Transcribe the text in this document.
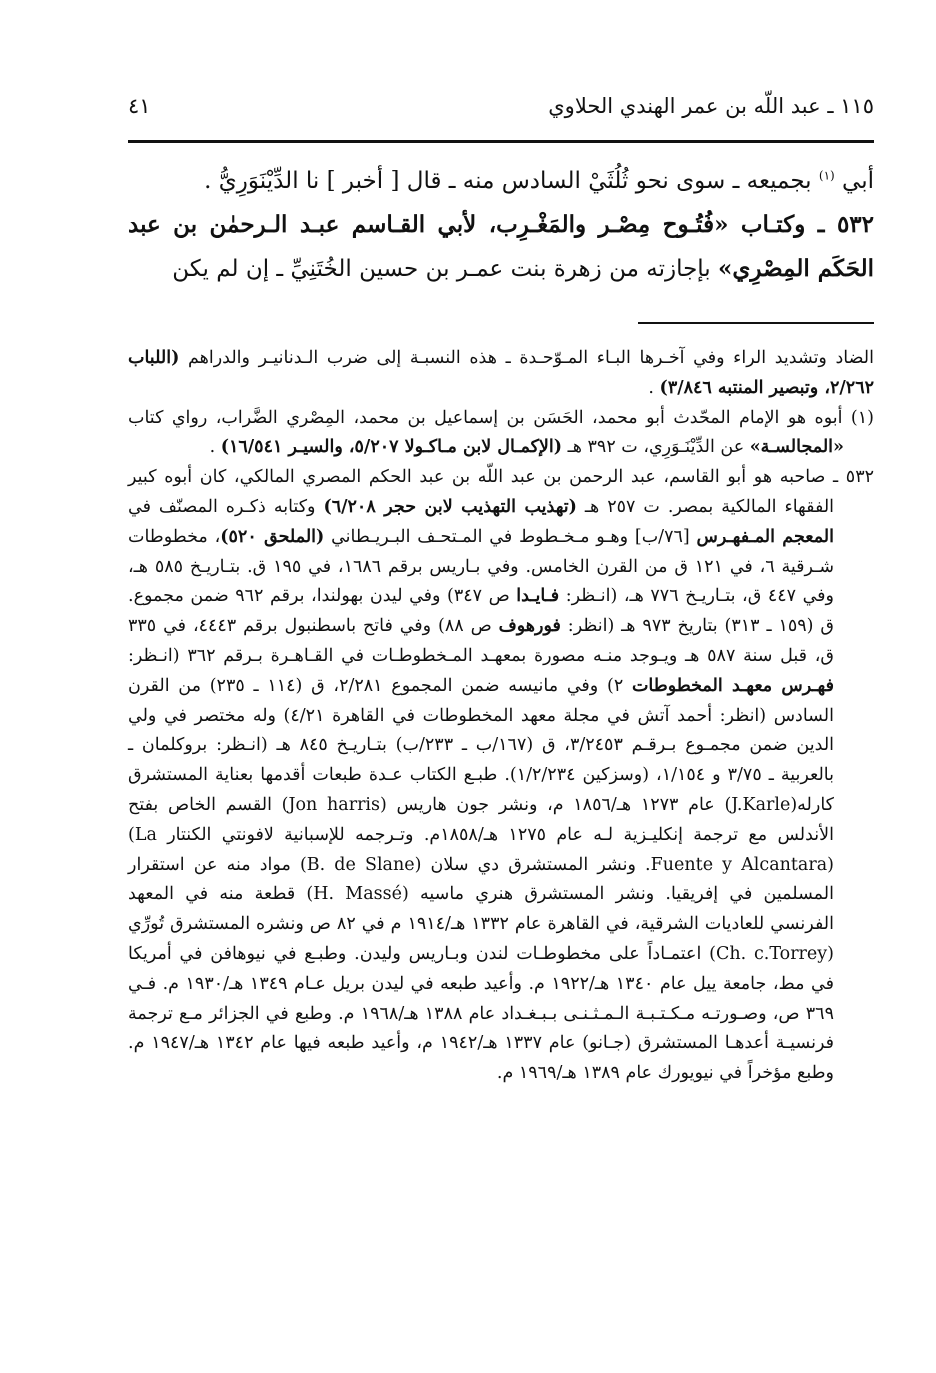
٤١	١١٥ ـ عبد اللّه بن عمر الهندي الحلاوي

أبي $^{(١)}$ بجميعه ـ سوى نحو ثُلُثَيْ السادس منه ـ قال [ أخبر ] نا الدِّيْنَوَرِيُّ .

٥٣٢ ـ وكتـاب «فُتُـوح مِصْـر والمَغْـرِب، لأبي القـاسم عبـد الـرحمٰن بن عبد الحَكَم المِصْرِي» بإجازته من زهرة بنت عمـر بن حسين الخُتَنِيِّ ـ إن لم يكن

الضاد وتشديد الراء وفي آخـرها البـاء المـوّحـدة ـ هذه النسبـة إلى ضرب الـدنانيـر والدراهم (اللباب ٢/٢٦٢، وتبصير المنتبه ٣/٨٤٦) .

(١) أبوه هو الإمام المحّدث أبو محمد، الحَسَن بن إسماعيل بن محمد، المِصْري الضَّراب، رواي كتاب «المجالسـة» عن الدِّيْنَـوَرِي، ت ٣٩٢ هـ (الإكمـال لابن مـاكـولا ٥/٢٠٧، والسيـر ١٦/٥٤١) .

٥٣٢ ـ صاحبه هو أبو القاسم، عبد الرحمن بن عبد اللّه بن عبد الحكم المصري المالكي، كان أبوه كبير الفقهاء المالكية بمصر. ت ٢٥٧ هـ (تهذيب التهذيب لابن حجر ٦/٢٠٨) وكتابه ذكـره المصنّف في المعجم المـفهـرس [٧٦/ب] وهـو مـخـطوط في المـتحـف البـريـطاني (الملحق ٥٢٠)، مخطوطات شـرقية ٦، في ١٢١ ق من القرن الخامس. وفي بـاريس برقم ١٦٨٦، في ١٩٥ ق. بتـاريـخ ٥٨٥ هـ، وفي ٤٤٧ ق، بتـاريـخ ٧٧٦ هـ، (انـظر: فـايـدا ص ٣٤٧) وفي ليدن بهولندا، برقم ٩٦٢ ضمن مجموع. ق (١٥٩ ـ ٣١٣) بتاريخ ٩٧٣ هـ (انظر: فورهوف ص ٨٨) وفي فاتح باسطنبول برقم ٤٤٤٣، في ٣٣٥ ق، قبل سنة ٥٨٧ هـ ويـوجد منـه مصورة بمعهـد المـخطوطـات في القـاهـرة بـرقم ٣٦٢ (انـظر: فهـرس معهـد المخطوطات ٢) وفي مانيسه ضمن المجموع ٢/٢٨١، ق (١١٤ ـ ٢٣٥) من القرن السادس (انظر: أحمد آتش في مجلة معهد المخطوطات في القاهرة ٤/٢١) وله مختصر في ولي الدين ضمن مجمـوع بـرقـم ٣/٢٤٥٣، ق (١٦٧/ب ـ ٢٣٣/ب) بتـاريـخ ٨٤٥ هـ (انـظر: بروكلمان ـ بالعربية ـ ٣/٧٥ و ١/١٥٤، (وسزكين ١/٢/٢٣٤). طبـع الكتاب عـدة طبعات أقدمها بعناية المستشرق كارله(J.Karle) عام ١٢٧٣ هـ/١٨٥٦ م، ونشر جون هاريس (Jon harris) القسم الخاص بفتح الأندلس مع ترجمة إنكليـزية لـه عام ١٢٧٥ هـ/١٨٥٨م. وتـرجمه للإسبانية لافونتي الكنتار (La Fuente y Alcantara). ونشر المستشرق دي سلان (B. de Slane) مواد منه عن استقرار المسلمين في إفريقيا. ونشر المستشرق هنري ماسيه (H. Massé) قطعة منه في المعهد الفرنسي للعاديات الشرقية، في القاهرة عام ١٣٣٢ هـ/١٩١٤ م في ٨٢ ص ونشره المستشرق تُورِّي (Ch. c.Torrey) اعتمـاداً على مخطوطـات لندن وبـاريس وليدن. وطبـع في نيوهافن في أمريكا في مط، جامعة ييل عام ١٣٤٠ هـ/١٩٢٢ م. وأعيد طبعه في ليدن بريل عـام ١٣٤٩ هـ/١٩٣٠ م. فـي ٣٦٩ ص، وصـورتـه مـكـتـبـة الـمـثـنـى بـبـغـداد عام ١٣٨٨ هـ/١٩٦٨ م. وطبع في الجزائر مـع ترجمة فرنسيـة أعدهـا المستشرق (جـانو) عام ١٣٣٧ هـ/١٩٤٢ م، وأعيد طبعه فيها عام ١٣٤٢ هـ/١٩٤٧ م. وطبع مؤخراً في نيويورك عام ١٣٨٩ هـ/١٩٦٩ م.
